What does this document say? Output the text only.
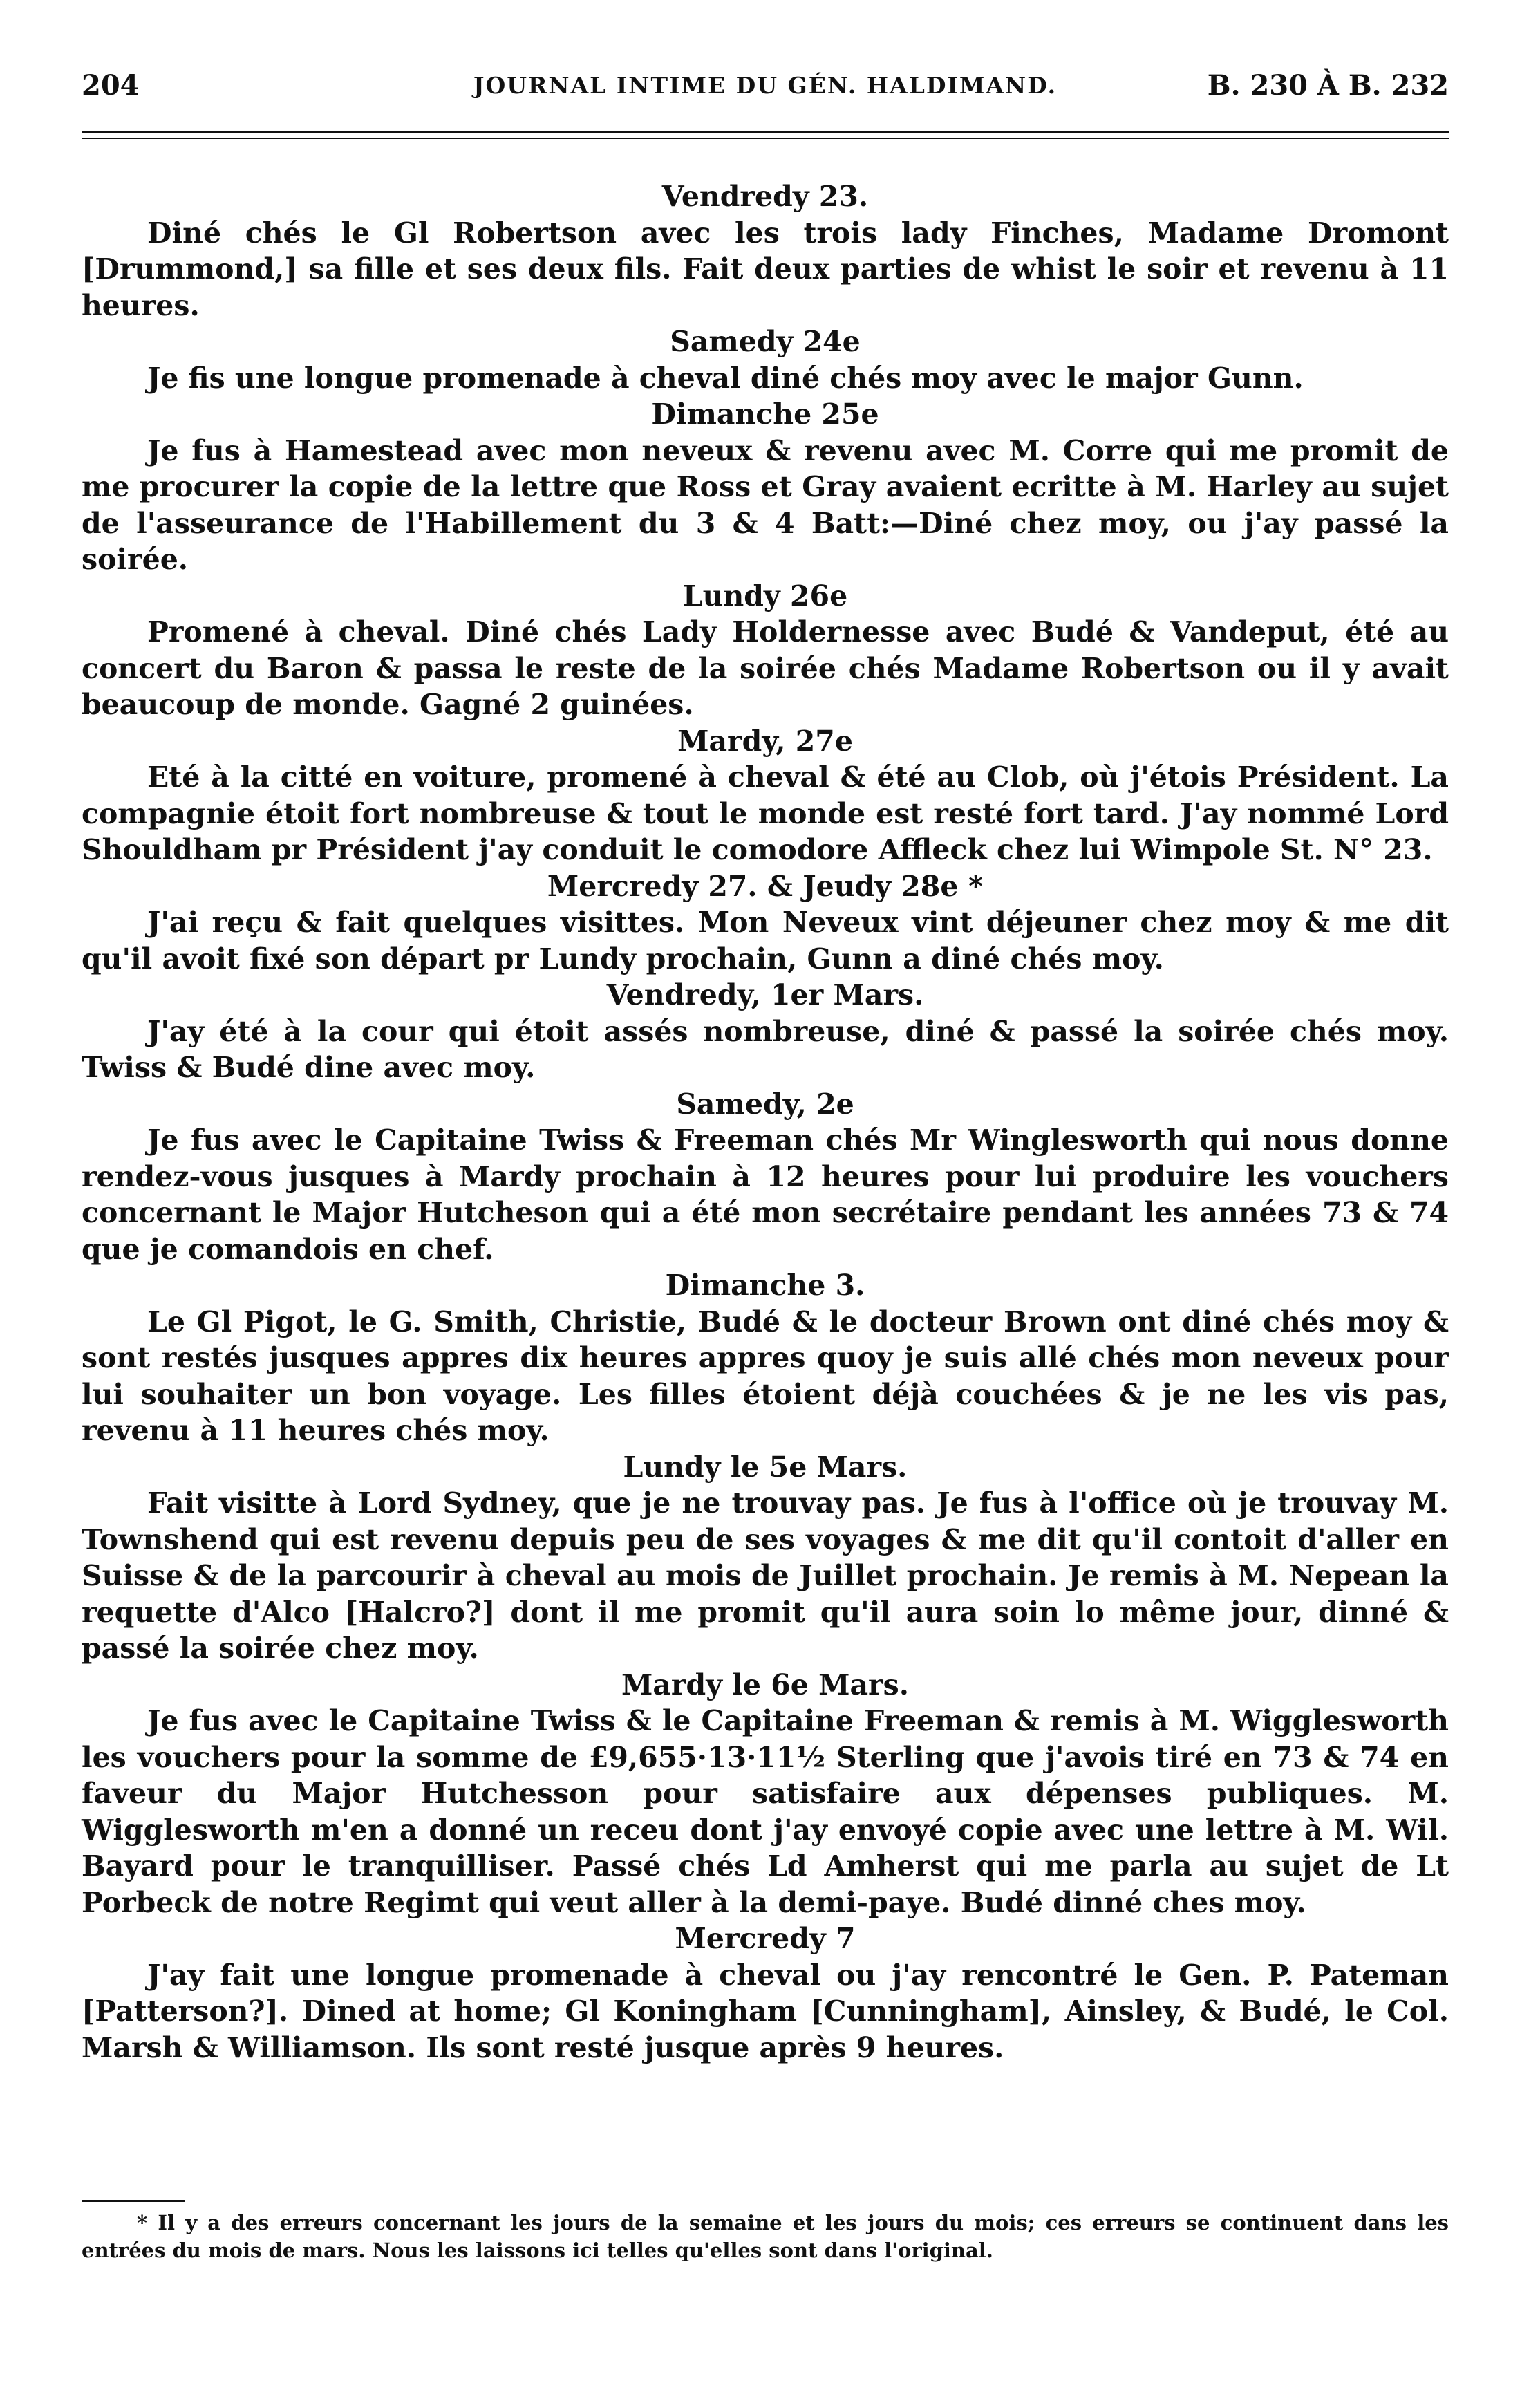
204	JOURNAL INTIME DU GÉN. HALDIMAND.	B. 230 À B. 232
Vendredy 23.

Diné chés le Gl Robertson avec les trois lady Finches, Madame Dromont [Drummond,] sa fille et ses deux fils. Fait deux parties de whist le soir et revenu à 11 heures.

Samedy 24e

Je fis une longue promenade à cheval diné chés moy avec le major Gunn.

Dimanche 25e

Je fus à Hamestead avec mon neveux & revenu avec M. Corre qui me promit de me procurer la copie de la lettre que Ross et Gray avaient ecritte à M. Harley au sujet de l'asseurance de l'Habillement du 3 & 4 Batt:—Diné chez moy, ou j'ay passé la soirée.

Lundy 26e

Promené à cheval. Diné chés Lady Holdernesse avec Budé & Vandeput, été au concert du Baron & passa le reste de la soirée chés Madame Robertson ou il y avait beaucoup de monde. Gagné 2 guinées.

Mardy, 27e

Eté à la citté en voiture, promené à cheval & été au Clob, où j'étois Président. La compagnie étoit fort nombreuse & tout le monde est resté fort tard. J'ay nommé Lord Shouldham pr Président j'ay conduit le comodore Affleck chez lui Wimpole St. N° 23.

Mercredy 27. & Jeudy 28e *

J'ai reçu & fait quelques visittes. Mon Neveux vint déjeuner chez moy & me dit qu'il avoit fixé son départ pr Lundy prochain, Gunn a diné chés moy.

Vendredy, 1er Mars.

J'ay été à la cour qui étoit assés nombreuse, diné & passé la soirée chés moy. Twiss & Budé dine avec moy.

Samedy, 2e

Je fus avec le Capitaine Twiss & Freeman chés Mr Winglesworth qui nous donne rendez-vous jusques à Mardy prochain à 12 heures pour lui produire les vouchers concernant le Major Hutcheson qui a été mon secrétaire pendant les années 73 & 74 que je comandois en chef.

Dimanche 3.

Le Gl Pigot, le G. Smith, Christie, Budé & le docteur Brown ont diné chés moy & sont restés jusques appres dix heures appres quoy je suis allé chés mon neveux pour lui souhaiter un bon voyage. Les filles étoient déjà couchées & je ne les vis pas, revenu à 11 heures chés moy.

Lundy le 5e Mars.

Fait visitte à Lord Sydney, que je ne trouvay pas. Je fus à l'office où je trouvay M. Townshend qui est revenu depuis peu de ses voyages & me dit qu'il contoit d'aller en Suisse & de la parcourir à cheval au mois de Juillet prochain. Je remis à M. Nepean la requette d'Alco [Halcro?] dont il me promit qu'il aura soin lo même jour, dinné & passé la soirée chez moy.

Mardy le 6e Mars.

Je fus avec le Capitaine Twiss & le Capitaine Freeman & remis à M. Wigglesworth les vouchers pour la somme de £9,655·13·11½ Sterling que j'avois tiré en 73 & 74 en faveur du Major Hutchesson pour satisfaire aux dépenses publiques. M. Wigglesworth m'en a donné un receu dont j'ay envoyé copie avec une lettre à M. Wil. Bayard pour le tranquilliser. Passé chés Ld Amherst qui me parla au sujet de Lt Porbeck de notre Regimt qui veut aller à la demi-paye. Budé dinné ches moy.

Mercredy 7

J'ay fait une longue promenade à cheval ou j'ay rencontré le Gen. P. Pateman [Patterson?]. Dined at home; Gl Koningham [Cunningham], Ainsley, & Budé, le Col. Marsh & Williamson. Ils sont resté jusque après 9 heures.

* Il y a des erreurs concernant les jours de la semaine et les jours du mois; ces erreurs se continuent dans les entrées du mois de mars. Nous les laissons ici telles qu'elles sont dans l'original.
